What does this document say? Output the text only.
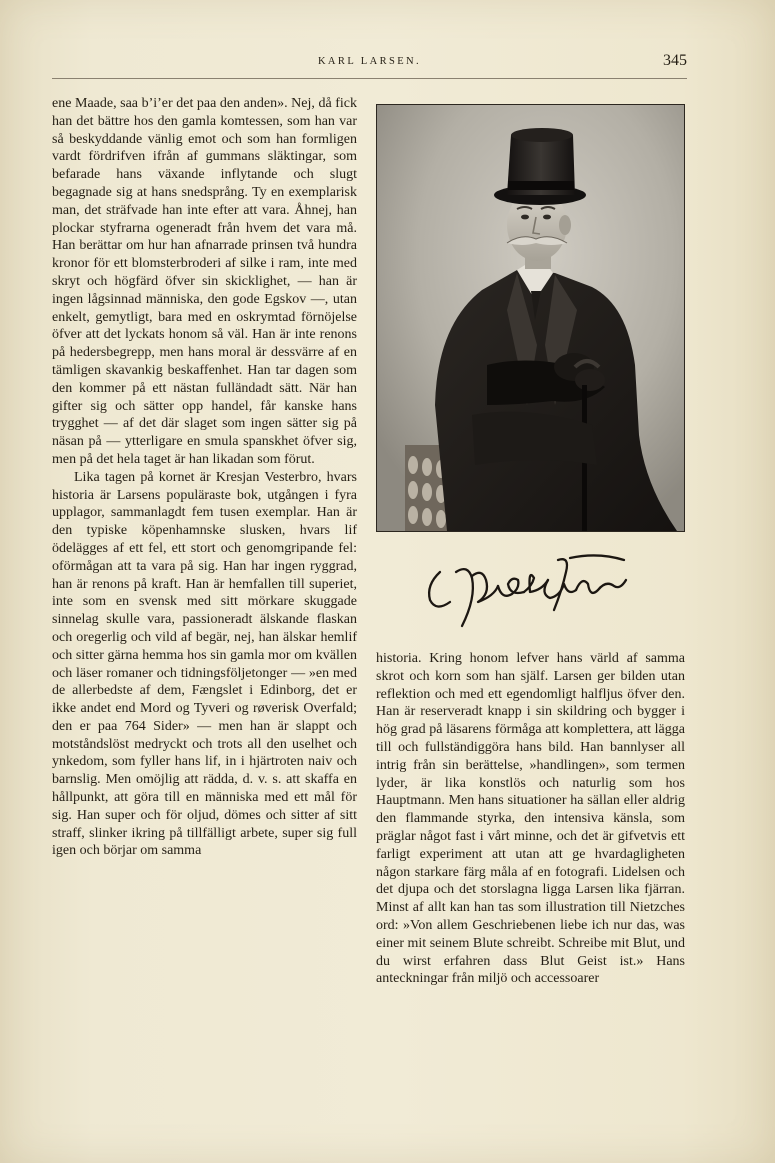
KARL LARSEN.	345

ene Maade, saa b’i’er det paa den anden». Nej, då fick han det bättre hos den gamla komtessen, som han var så beskyddande vänlig emot och som han formligen vardt fördrifven ifrån af gummans släktingar, som befarade hans växande inflytande och slugt begagnade sig at hans snedsprång. Ty en exemplarisk man, det sträfvade han inte efter att vara. Åhnej, han plockar styfrarna ogeneradt från hvem det vara må. Han berättar om hur han afnarrade prinsen två hundra kronor för ett blomsterbroderi af silke i ram, inte med skryt och högfärd öfver sin skicklighet, — han är ingen lågsinnad människa, den gode Egskov —, utan enkelt, gemytligt, bara med en oskrymtad förnöjelse öfver att det lyckats honom så väl. Han är inte renons på hedersbegrepp, men hans moral är dessvärre af en tämligen skavankig beskaffenhet. Han tar dagen som den kommer på ett nästan fulländadt sätt. När han gifter sig och sätter opp handel, får kanske hans trygghet — af det där slaget som ingen sätter sig på näsan på — ytterligare en smula spanskhet öfver sig, men på det hela taget är han likadan som förut.

Lika tagen på kornet är Kresjan Vesterbro, hvars historia är Larsens populäraste bok, utgången i fyra upplagor, sammanlagdt fem tusen exemplar. Han är den typiske köpenhamnske slusken, hvars lif ödelägges af ett fel, ett stort och genomgripande fel: oförmågan att ta vara på sig. Han har ingen ryggrad, han är renons på kraft. Han är hemfallen till superiet, inte som en svensk med sitt mörkare skuggade sinnelag skulle vara, passioneradt älskande flaskan och oregerlig och vild af begär, nej, han älskar hemlif och sitter gärna hemma hos sin gamla mor om kvällen och läser romaner och tidningsföljetonger — »en med de allerbedste af dem, Fængslet i Edinborg, det er ikke andet end Mord og Tyveri og røverisk Overfald; den er paa 764 Sider» — men han är slappt och motståndslöst medryckt och trots all den uselhet och ynkedom, som fyller hans lif, in i hjärtroten naiv och barnslig. Men omöjlig att rädda, d. v. s. att skaffa en hållpunkt, att göra till en människa med ett mål för sig. Han super och för oljud, dömes och sitter af sitt straff, slinker ikring på tillfälligt arbete, super sig full igen och börjar om samma

historia. Kring honom lefver hans värld af samma skrot och korn som han själf. Larsen ger bilden utan reflektion och med ett egendomligt halfljus öfver den. Han är reserveradt knapp i sin skildring och bygger i hög grad på läsarens förmåga att komplettera, att lägga till och fullständiggöra hans bild. Han bannlyser all intrig från sin berättelse, »handlingen», som termen lyder, är lika konstlös och naturlig som hos Hauptmann. Men hans situationer ha sällan eller aldrig den flammande styrka, den intensiva känsla, som präglar något fast i vårt minne, och det är gifvetvis ett farligt experiment att utan att ge hvardagligheten någon starkare färg måla af en fotografi. Lidelsen och det djupa och det storslagna ligga Larsen lika fjärran. Minst af allt kan han tas som illustration till Nietzches ord: »Von allem Geschriebenen liebe ich nur das, was einer mit seinem Blute schreibt. Schreibe mit Blut, und du wirst erfahren dass Blut Geist ist.» Hans anteckningar från miljö och accessoarer
